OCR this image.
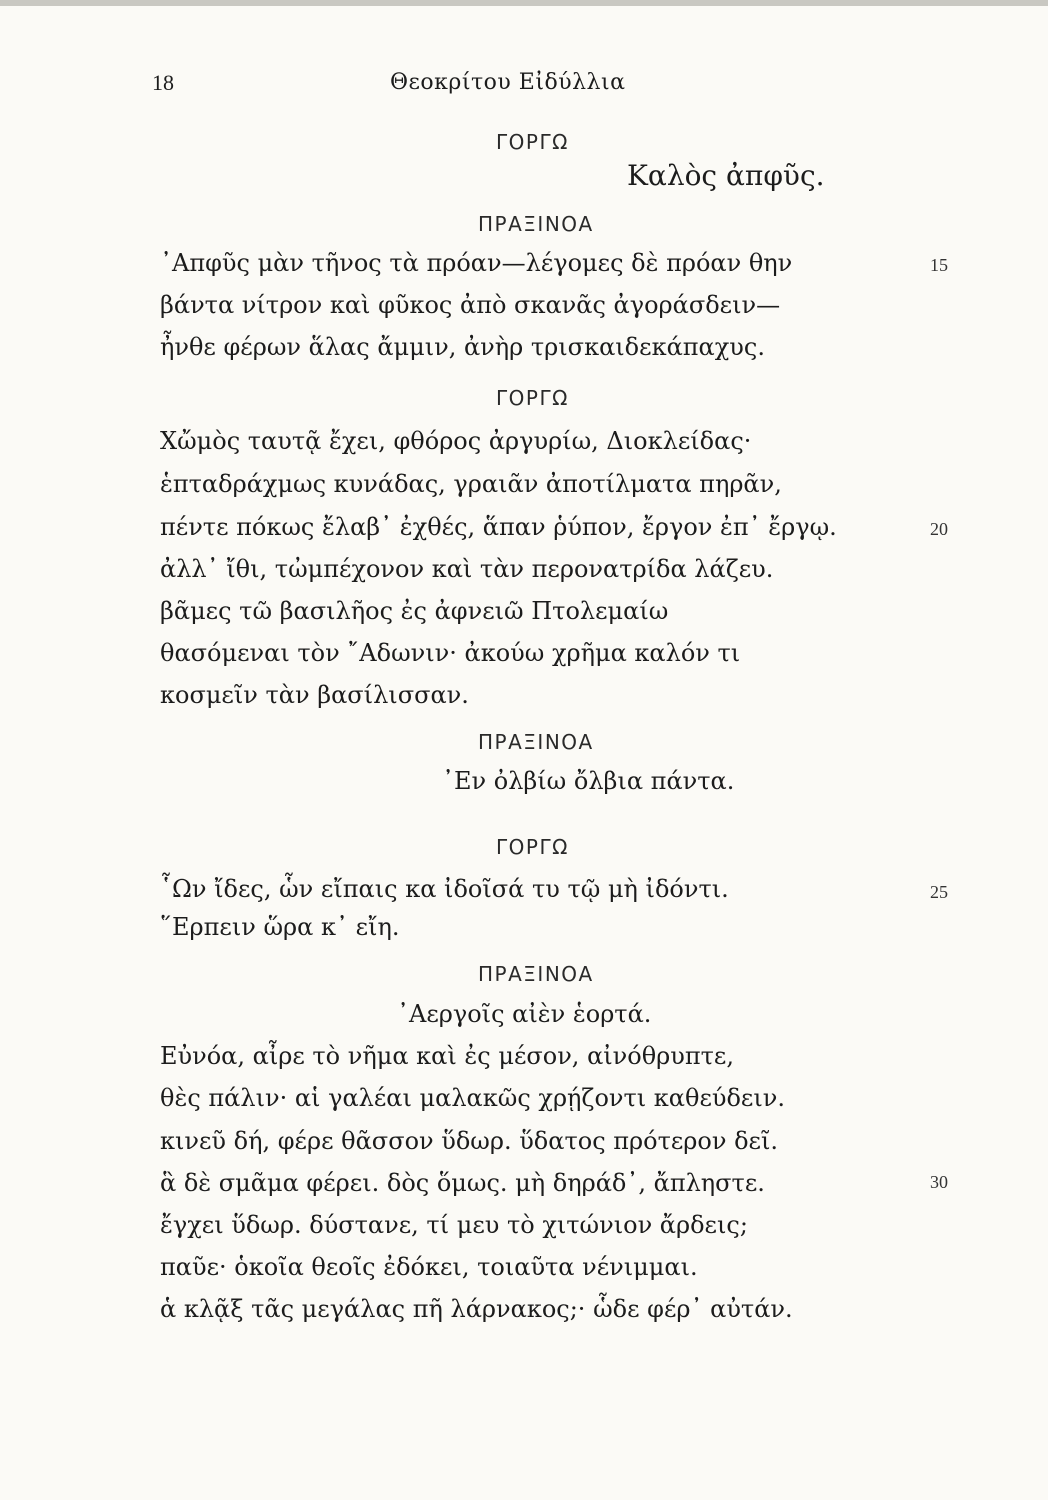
18	Θεοκρίτου Εἰδύλλια
ΓΟΡΓΩ
Καλὸς ἀπφῦς.
ΠΡΑΞΙΝΟΑ
᾽Απφῦς μὰν τῆνος τὰ πρόαν—λέγομες δὲ πρόαν θην	15
βάντα νίτρον καὶ φῦκος ἀπὸ σκανᾶς ἀγοράσδειν—
ἦνθε φέρων ἅλας ἄμμιν, ἀνὴρ τρισκαιδεκάπαχυς.
ΓΟΡΓΩ
Χὤμὸς ταυτᾷ ἔχει, φθόρος ἀργυρίω, Διοκλείδας·
ἑπταδράχμως κυνάδας, γραιᾶν ἀποτίλματα πηρᾶν,
πέντε πόκως ἔλαβ᾽ ἐχθές, ἅπαν ῥύπον, ἔργον ἐπ᾽ ἔργῳ.	20
ἀλλ᾽ ἴθι, τὠμπέχονον καὶ τὰν περονατρίδα λάζευ.
βᾶμες τῶ βασιλῆος ἐς ἀφνειῶ Πτολεμαίω
θασόμεναι τὸν ῎Αδωνιν· ἀκούω χρῆμα καλόν τι
κοσμεῖν τὰν βασίλισσαν.
ΠΡΑΞΙΝΟΑ
᾽Εν ὀλβίω ὄλβια πάντα.
ΓΟΡΓΩ
῟Ων ἴδες, ὧν εἴπαις κα ἰδοῖσά τυ τῷ μὴ ἰδόντι.	25
῞Ερπειν ὥρα κ᾽ εἴη.
ΠΡΑΞΙΝΟΑ
᾽Αεργοῖς αἰὲν ἑορτά.
Εὐνόα, αἶρε τὸ νῆμα καὶ ἐς μέσον, αἰνόθρυπτε,
θὲς πάλιν· αἱ γαλέαι μαλακῶς χρῄζοντι καθεύδειν.
κινεῦ δή, φέρε θᾶσσον ὕδωρ. ὕδατος πρότερον δεῖ.
ἃ δὲ σμᾶμα φέρει. δὸς ὅμως. μὴ δηράδ᾽, ἄπληστε.	30
ἔγχει ὕδωρ. δύστανε, τί μευ τὸ χιτώνιον ἄρδεις;
παῦε· ὁκοῖα θεοῖς ἐδόκει, τοιαῦτα νένιμμαι.
ἁ κλᾷξ τᾶς μεγάλας πῆ λάρνακος;· ὧδε φέρ᾽ αὐτάν.
